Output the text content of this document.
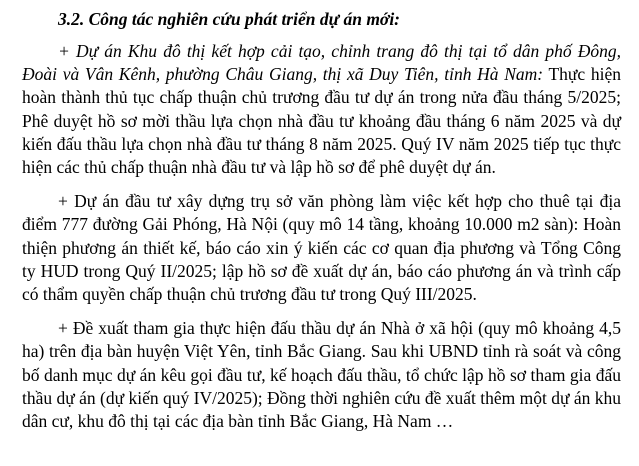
3.2. Công tác nghiên cứu phát triển dự án mới:

+ Dự án Khu đô thị kết hợp cải tạo, chỉnh trang đô thị tại tổ dân phố Đông, Đoài và Vân Kênh, phường Châu Giang, thị xã Duy Tiên, tỉnh Hà Nam: Thực hiện hoàn thành thủ tục chấp thuận chủ trương đầu tư dự án trong nửa đầu tháng 5/2025; Phê duyệt hồ sơ mời thầu lựa chọn nhà đầu tư khoảng đầu tháng 6 năm 2025 và dự kiến đấu thầu lựa chọn nhà đầu tư tháng 8 năm 2025. Quý IV năm 2025 tiếp tục thực hiện các thủ chấp thuận nhà đầu tư và lập hồ sơ để phê duyệt dự án.

+ Dự án đầu tư xây dựng trụ sở văn phòng làm việc kết hợp cho thuê tại địa điểm 777 đường Gải Phóng, Hà Nội (quy mô 14 tầng, khoảng 10.000 m2 sàn): Hoàn thiện phương án thiết kế, báo cáo xin ý kiến các cơ quan địa phương và Tổng Công ty HUD trong Quý II/2025; lập hồ sơ đề xuất dự án, báo cáo phương án và trình cấp có thẩm quyền chấp thuận chủ trương đầu tư trong Quý III/2025.

+ Đề xuất tham gia thực hiện đấu thầu dự án Nhà ở xã hội (quy mô khoảng 4,5 ha) trên địa bàn huyện Việt Yên, tỉnh Bắc Giang. Sau khi UBND tỉnh rà soát và công bố danh mục dự án kêu gọi đầu tư, kế hoạch đấu thầu, tổ chức lập hồ sơ tham gia đấu thầu dự án (dự kiến quý IV/2025); Đồng thời nghiên cứu đề xuất thêm một dự án khu dân cư, khu đô thị tại các địa bàn tỉnh Bắc Giang, Hà Nam …
